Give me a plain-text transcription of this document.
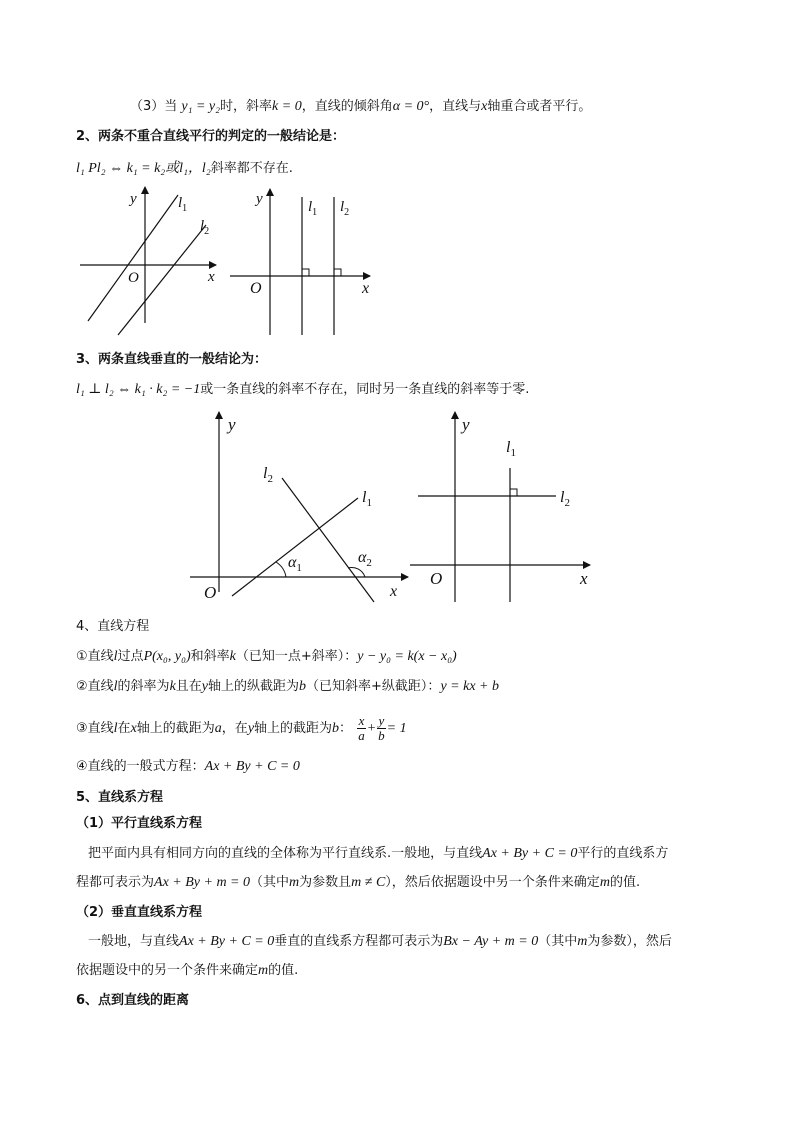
（3）当 y₁ = y₂时，斜率k = 0，直线的倾斜角α = 0°，直线与x轴重合或者平行。
2、两条不重合直线平行的判定的一般结论是：
l₁ Pl₂ ⇔ k₁ = k₂或l₁，l₂斜率都不存在.
y
x
O
$l_1$
$l_2$
y
x
O
$l_1$ $l_2$
3、两条直线垂直的一般结论为：
l₁ ⊥ l₂ ⇔ k₁ · k₂ = −1或一条直线的斜率不存在，同时另一条直线的斜率等于零.
y
x
O
$l_2$
$l_1$
$\alpha_1$
$\alpha_2$
y
x
O
$l_1$
$l_2$
4、直线方程
①直线l过点P(x₀, y₀)和斜率k（已知一点+斜率）：y − y₀ = k(x − x₀)
②直线l的斜率为k且在y轴上的纵截距为b（已知斜率+纵截距）：y = kx + b
③直线l在x轴上的截距为a，在y轴上的截距为b： $\frac{x}{a} + \frac{y}{b} = 1$
④直线的一般式方程：Ax + By + C = 0
5、直线系方程
（1）平行直线系方程
把平面内具有相同方向的直线的全体称为平行直线系.一般地，与直线Ax + By + C = 0平行的直线系方
程都可表示为Ax + By + m = 0（其中m为参数且m ≠ C），然后依据题设中另一个条件来确定m的值.
（2）垂直直线系方程
一般地，与直线Ax + By + C = 0垂直的直线系方程都可表示为Bx − Ay + m = 0（其中m为参数），然后
依据题设中的另一个条件来确定m的值.
6、点到直线的距离
